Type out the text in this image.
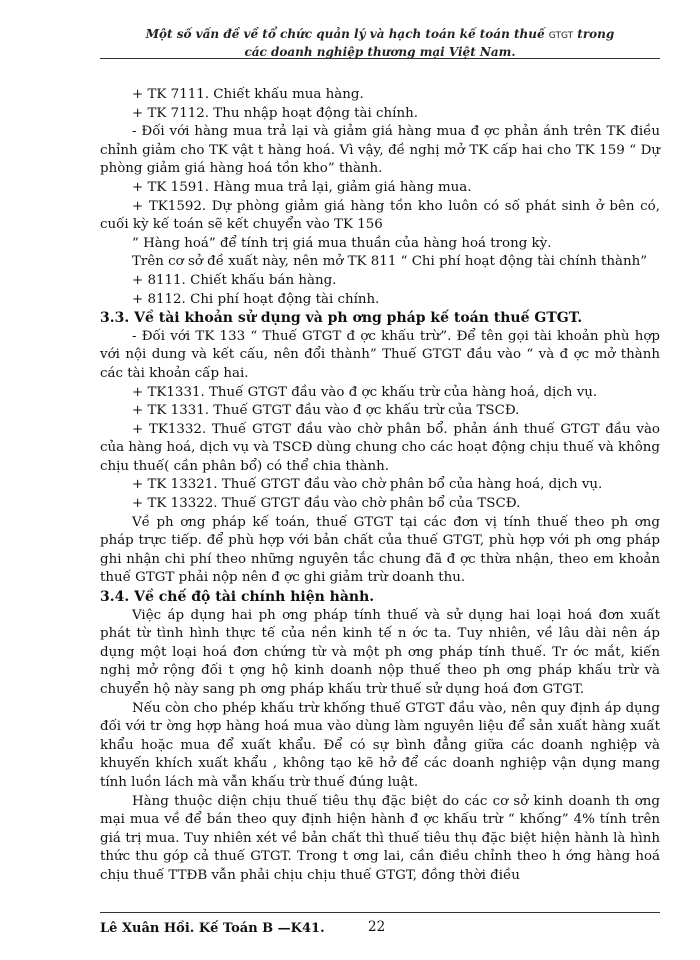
Một số vấn đề về tổ chức quản lý và hạch toán kế toán thuế GTGT trong
các doanh nghiệp thương mại Việt Nam.

+ TK 7111. Chiết khấu mua hàng.

+ TK 7112. Thu nhập hoạt động tài chính.

- Đối với hàng mua trả lại và giảm giá hàng mua đ ợc phản ánh trên TK điều chỉnh giảm cho TK vật t hàng hoá. Vì vậy, đề nghị mở TK cấp hai cho TK 159 “ Dự phòng giảm giá hàng hoá tồn kho” thành.

+ TK 1591. Hàng mua trả lại, giảm giá hàng mua.

+ TK1592. Dự phòng giảm giá hàng tồn kho luôn có số phát sinh ở bên có, cuối kỳ kế toán sẽ kết chuyển vào TK 156

” Hàng hoá” để tính trị giá mua thuần của hàng hoá trong kỳ.

Trên cơ sở đề xuất này, nên mở TK 811 “ Chi phí hoạt động tài chính thành”

+ 8111. Chiết khấu bán hàng.

+ 8112. Chi phí hoạt động tài chính.

3.3. Về tài khoản sử dụng và ph ơng pháp kế toán thuế GTGT.

- Đối với TK 133 “ Thuế GTGT đ ợc khấu trừ”. Để tên gọi tài khoản phù hợp với nội dung và kết cấu, nên đổi thành” Thuế GTGT đầu vào “ và đ ợc mở thành các tài khoản cấp hai.

+ TK1331. Thuế GTGT đầu vào đ ợc khấu trừ của hàng hoá, dịch vụ.

+ TK 1331. Thuế GTGT đầu vào đ ợc khấu trừ của TSCĐ.

+ TK1332. Thuế GTGT đầu vào chờ phân bổ. phản ánh thuế GTGT đầu vào của hàng hoá, dịch vụ và TSCĐ dùng chung cho các hoạt động chịu thuế và không chịu thuế( cần phân bổ) có thể chia thành.

+ TK 13321. Thuế GTGT đầu vào chờ phân bổ của hàng hoá, dịch vụ.

+ TK 13322. Thuế GTGT đầu vào chờ phân bổ của TSCĐ.

Về ph ơng pháp kế toán, thuế GTGT tại các đơn vị tính thuế theo ph ơng pháp trực tiếp. để phù hợp với bản chất của thuế GTGT, phù hợp với ph ơng pháp ghi nhận chi phí theo những nguyên tắc chung đã đ ợc thừa nhận, theo em khoản thuế GTGT phải nộp nên đ ợc ghi giảm trừ doanh thu.

3.4. Về chế độ tài chính hiện hành.

Việc áp dụng hai ph ơng pháp tính thuế và sử dụng hai loại hoá đơn xuất phát từ tình hình thực tế của nền kinh tế n ớc ta. Tuy nhiên, về lâu dài nên áp dụng một loại hoá đơn chứng từ và một ph ơng pháp tính thuế. Tr ớc mắt, kiến nghị mở rộng đối t ợng hộ kinh doanh nộp thuế theo ph ơng pháp khấu trừ và chuyển hộ này sang ph ơng pháp khấu trừ thuế sử dụng hoá đơn GTGT.

Nếu còn cho phép khấu trừ khống thuế GTGT đầu vào, nên quy định áp dụng đối với tr ờng hợp hàng hoá mua vào dùng làm nguyên liệu để sản xuất hàng xuất khẩu hoặc mua để xuất khẩu. Để có sự bình đẳng giữa các doanh nghiệp và khuyến khích xuất khẩu , không tạo kẽ hở để các doanh nghiệp vận dụng mang tính luồn lách mà vẫn khấu trừ thuế đúng luật.

Hàng thuộc diện chịu thuế tiêu thụ đặc biệt do các cơ sở kinh doanh th ơng mại mua về để bán theo quy định hiện hành đ ợc khấu trừ “ khống” 4% tính trên giá trị mua. Tuy nhiên xét về bản chất thì thuế tiêu thụ đặc biệt hiện hành là hình thức thu góp cả thuế GTGT. Trong t ơng lai, cần điều chỉnh theo h ớng hàng hoá chịu thuế TTĐB vẫn phải chịu chịu thuế GTGT, đồng thời điều

Lê Xuân Hồi. Kế Toán B —K41.	22
